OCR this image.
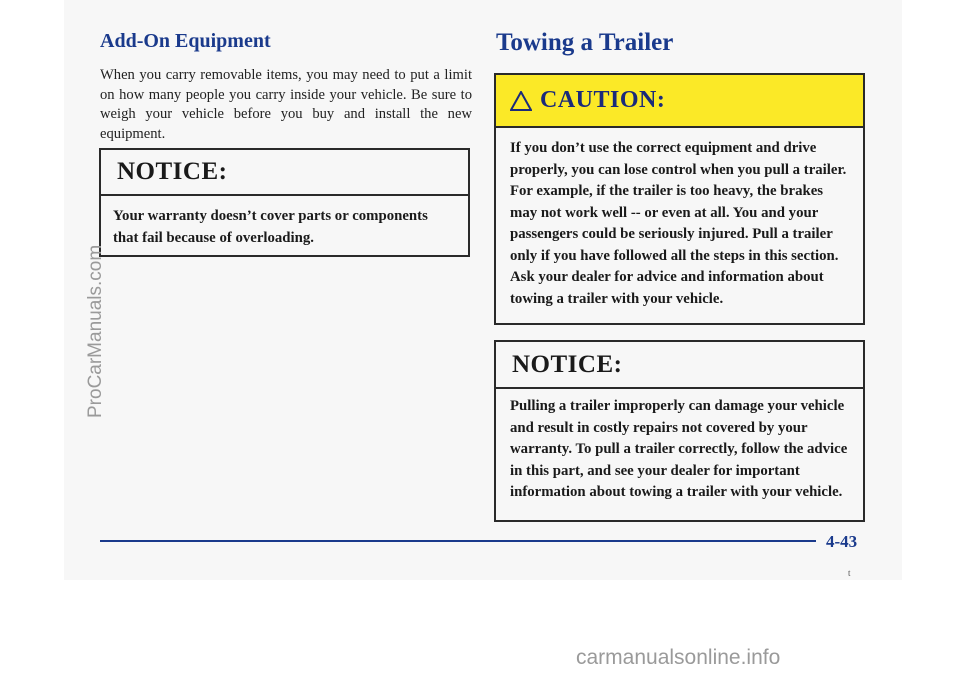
Add-On Equipment

When you carry removable items, you may need to put a limit on how many people you carry inside your vehicle. Be sure to weigh your vehicle before you buy and install the new equipment.

NOTICE:
Your warranty doesn’t cover parts or components that fail because of overloading.
Towing a Trailer
CAUTION:
If you don’t use the correct equipment and drive properly, you can lose control when you pull a trailer. For example, if the trailer is too heavy, the brakes may not work well -- or even at all. You and your passengers could be seriously injured. Pull a trailer only if you have followed all the steps in this section. Ask your dealer for advice and information about towing a trailer with your vehicle.
NOTICE:
Pulling a trailer improperly can damage your vehicle and result in costly repairs not covered by your warranty. To pull a trailer correctly, follow the advice in this part, and see your dealer for important information about towing a trailer with your vehicle.
4-43
t
ProCarManuals.com
carmanualsonline.info
